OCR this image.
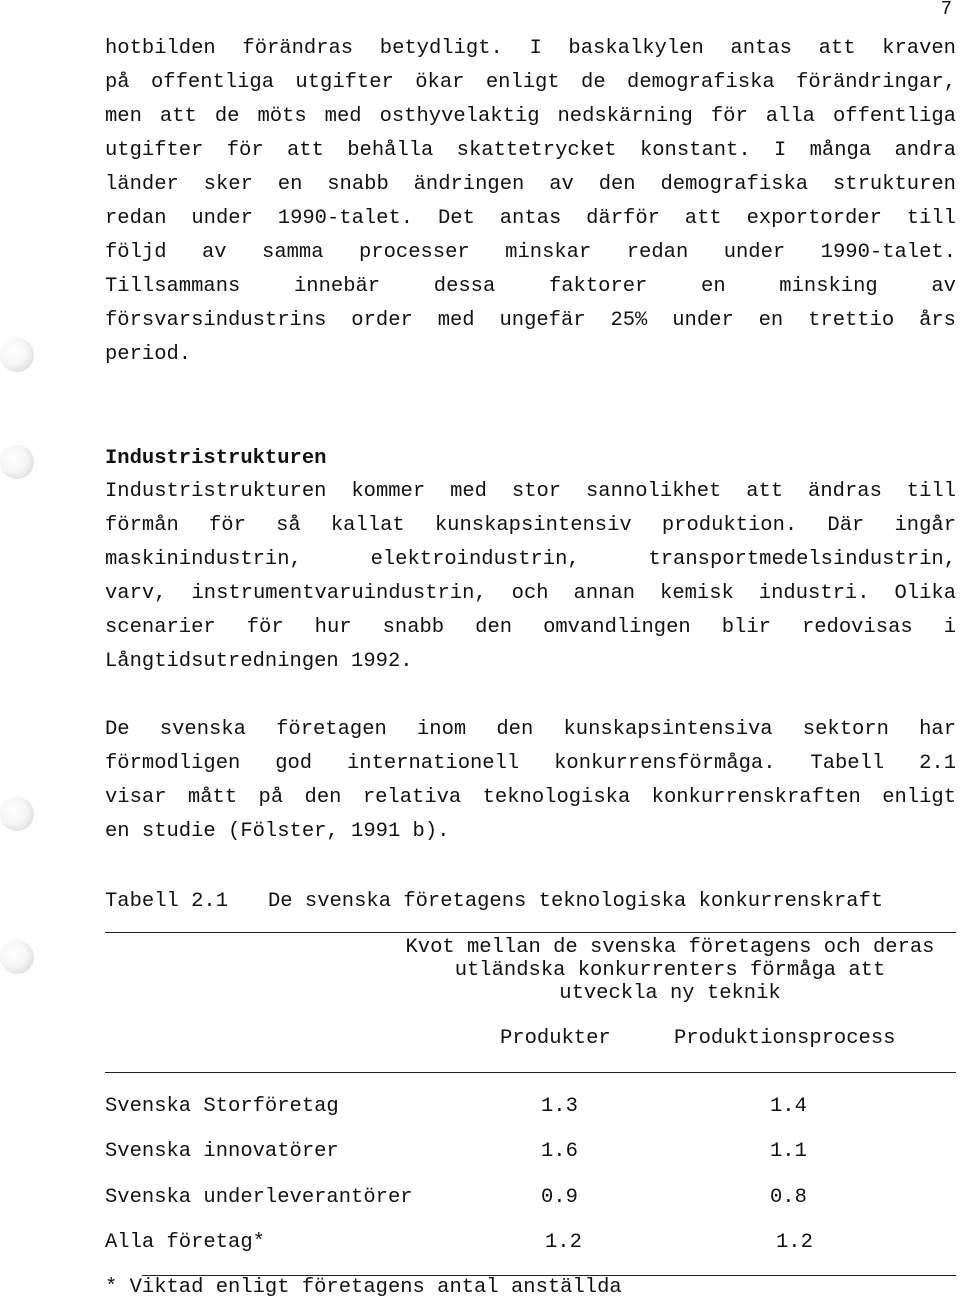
7
hotbilden förändras betydligt. I baskalkylen antas att kraven
på offentliga utgifter ökar enligt de demografiska förändringar,
men att de möts med osthyvelaktig nedskärning för alla offentliga
utgifter för att behålla skattetrycket konstant. I många andra
länder sker en snabb ändringen av den demografiska strukturen
redan under 1990-talet. Det antas därför att exportorder till
följd av samma processer minskar redan under 1990-talet.
Tillsammans innebär dessa faktorer en minsking av
försvarsindustrins order med ungefär 25% under en trettio års
period.
Industristrukturen
Industristrukturen kommer med stor sannolikhet att ändras till
förmån för så kallat kunskapsintensiv produktion. Där ingår
maskinindustrin, elektroindustrin, transportmedelsindustrin,
varv, instrumentvaruindustrin, och annan kemisk industri. Olika
scenarier för hur snabb den omvandlingen blir redovisas i
Långtidsutredningen 1992.
De svenska företagen inom den kunskapsintensiva sektorn har
förmodligen god internationell konkurrensförmåga. Tabell 2.1
visar mått på den relativa teknologiska konkurrenskraften enligt
en studie (Fölster, 1991 b).
Tabell 2.1 De svenska företagens teknologiska konkurrenskraft
Kvot mellan de svenska företagens och deras
utländska konkurrenters förmåga att
utveckla ny teknik
Produkter	Produktionsprocess
Svenska Storföretag	1.3	1.4
Svenska innovatörer	1.6	1.1
Svenska underleverantörer	0.9	0.8
Alla företag*	1.2	1.2
* Viktad enligt företagens antal anställda
